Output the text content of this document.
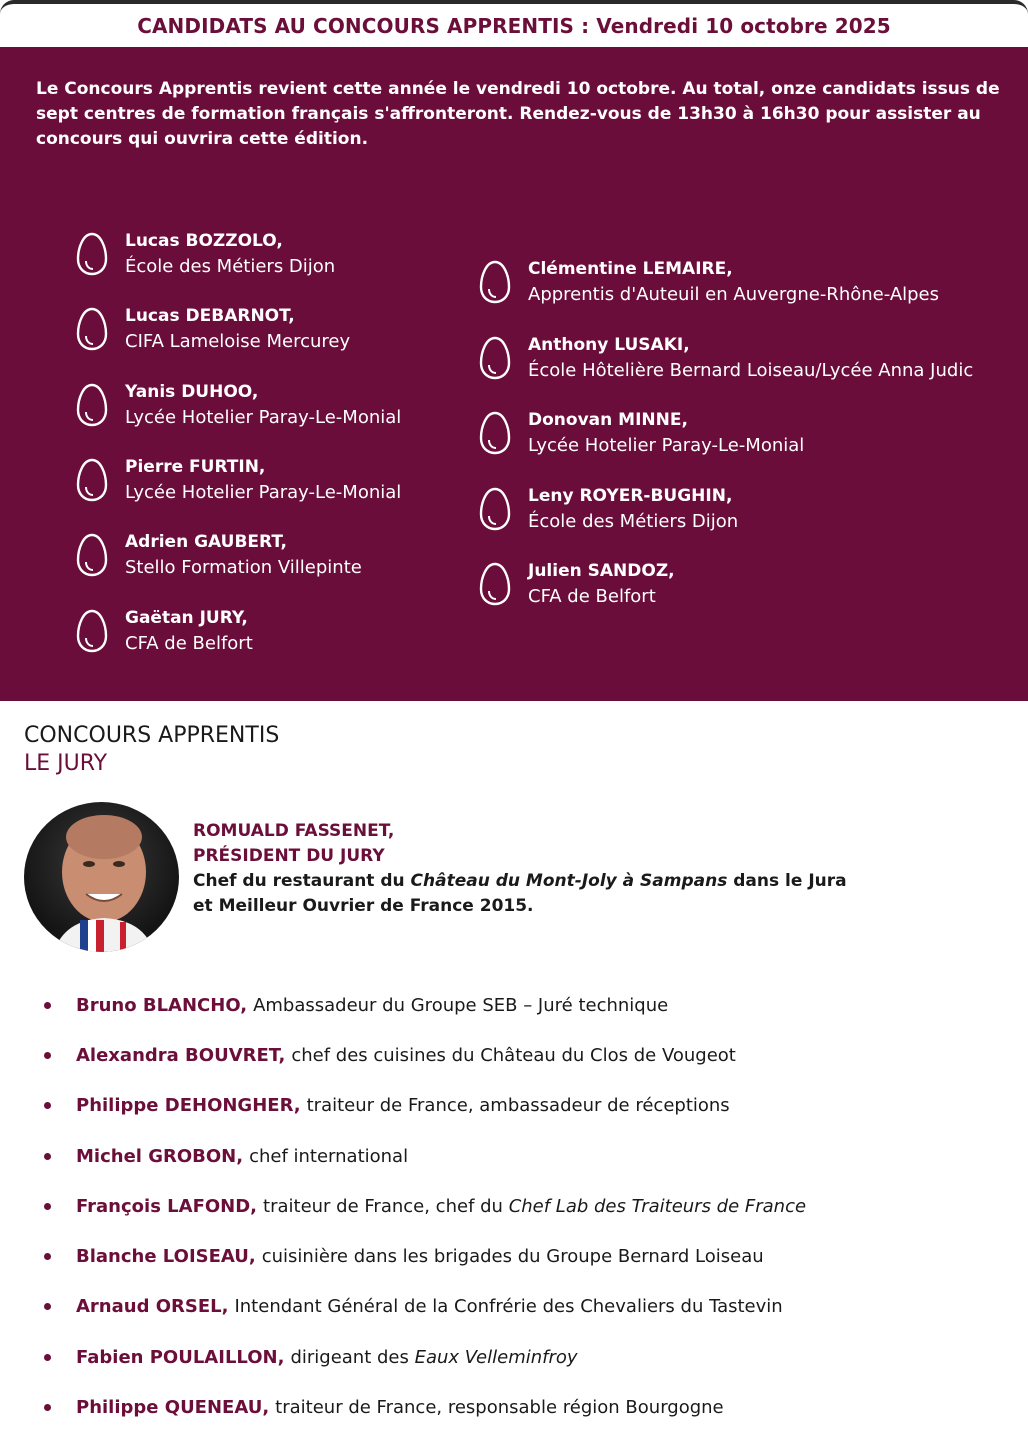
CANDIDATS AU CONCOURS APPRENTIS : Vendredi 10 octobre 2025

Le Concours Apprentis revient cette année le vendredi 10 octobre. Au total, onze candidats issus de sept centres de formation français s'affronteront. Rendez-vous de 13h30 à 16h30 pour assister au concours qui ouvrira cette édition.

Lucas BOZZOLO,
École des Métiers Dijon
Lucas DEBARNOT,
CIFA Lameloise Mercurey
Yanis DUHOO,
Lycée Hotelier Paray-Le-Monial
Pierre FURTIN,
Lycée Hotelier Paray-Le-Monial
Adrien GAUBERT,
Stello Formation Villepinte
Gaëtan JURY,
CFA de Belfort
Clémentine LEMAIRE,
Apprentis d'Auteuil en Auvergne-Rhône-Alpes
Anthony LUSAKI,
École Hôtelière Bernard Loiseau/Lycée Anna Judic
Donovan MINNE,
Lycée Hotelier Paray-Le-Monial
Leny ROYER-BUGHIN,
École des Métiers Dijon
Julien SANDOZ,
CFA de Belfort
CONCOURS APPRENTIS
LE JURY
ROMUALD FASSENET,
PRÉSIDENT DU JURY
Chef du restaurant du Château du Mont-Joly à Sampans dans le Jura
et Meilleur Ouvrier de France 2015.
Bruno BLANCHO, Ambassadeur du Groupe SEB – Juré technique
Alexandra BOUVRET, chef des cuisines du Château du Clos de Vougeot
Philippe DEHONGHER, traiteur de France, ambassadeur de réceptions
Michel GROBON, chef international
François LAFOND, traiteur de France, chef du Chef Lab des Traiteurs de France
Blanche LOISEAU, cuisinière dans les brigades du Groupe Bernard Loiseau
Arnaud ORSEL, Intendant Général de la Confrérie des Chevaliers du Tastevin
Fabien POULAILLON, dirigeant des Eaux Velleminfroy
Philippe QUENEAU, traiteur de France, responsable région Bourgogne
